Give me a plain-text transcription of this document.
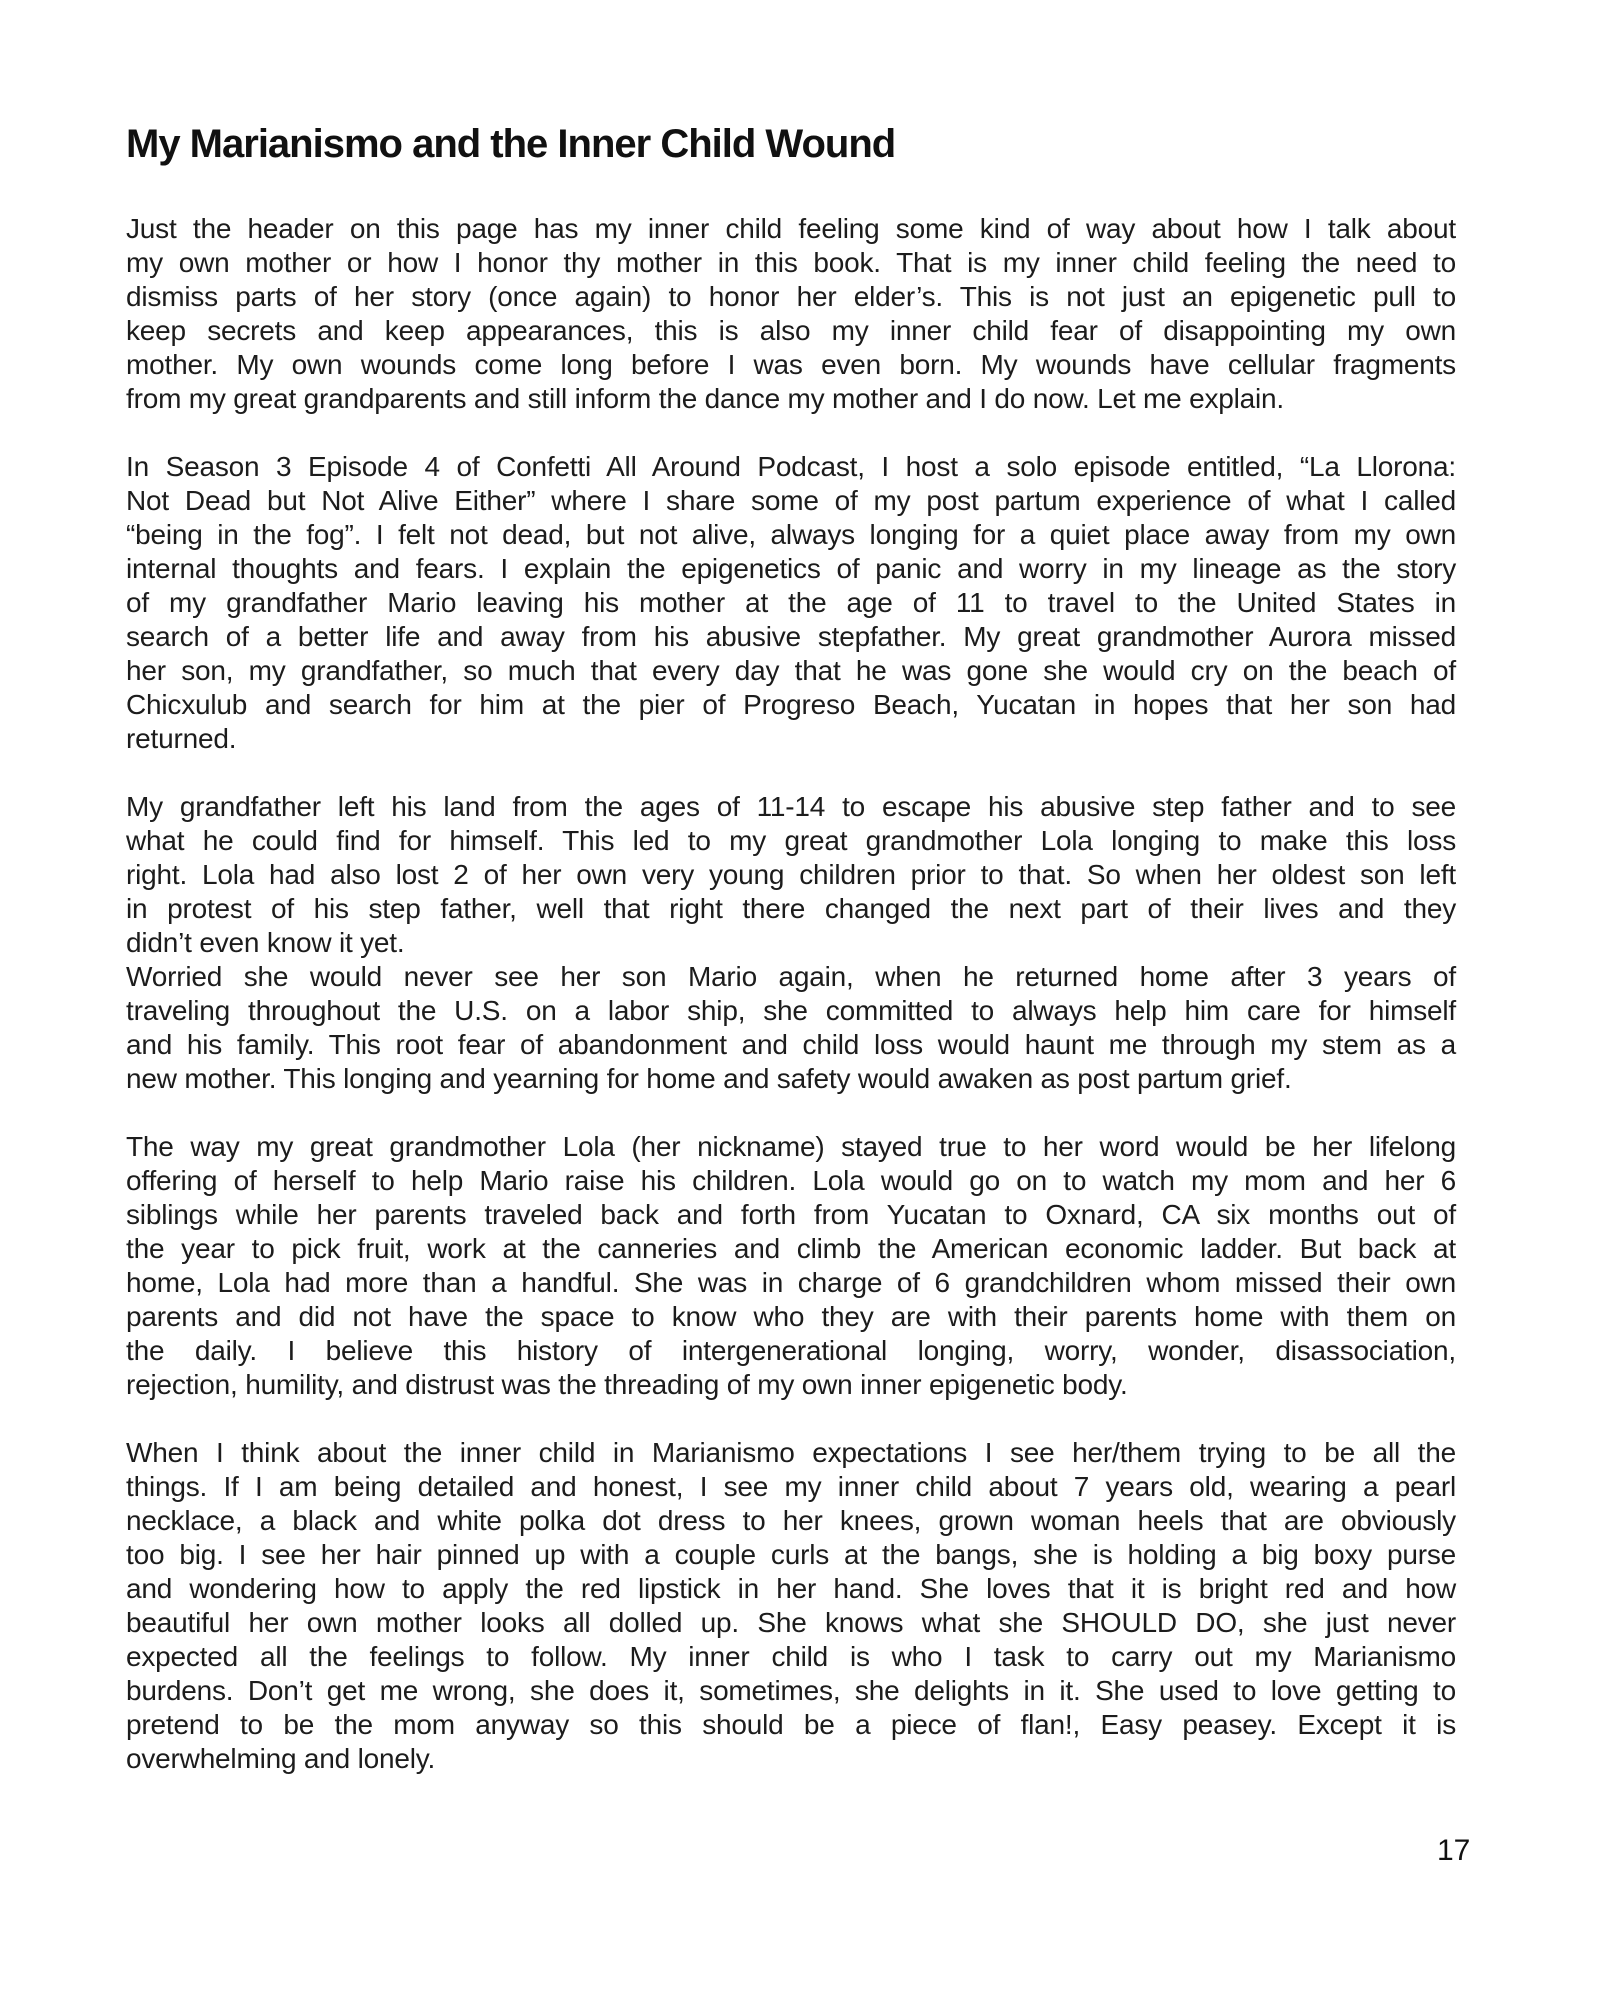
My Marianismo and the Inner Child Wound
Just the header on this page has my inner child feeling some kind of way about how I talk about
my own mother or how I honor thy mother in this book. That is my inner child feeling the need to
dismiss parts of her story (once again) to honor her elder’s. This is not just an epigenetic pull to
keep secrets and keep appearances, this is also my inner child fear of disappointing my own
mother. My own wounds come long before I was even born. My wounds have cellular fragments
from my great grandparents and still inform the dance my mother and I do now. Let me explain.
In Season 3 Episode 4 of Confetti All Around Podcast, I host a solo episode entitled, “La Llorona:
Not Dead but Not Alive Either” where I share some of my post partum experience of what I called
“being in the fog”. I felt not dead, but not alive, always longing for a quiet place away from my own
internal thoughts and fears. I explain the epigenetics of panic and worry in my lineage as the story
of my grandfather Mario leaving his mother at the age of 11 to travel to the United States in
search of a better life and away from his abusive stepfather. My great grandmother Aurora missed
her son, my grandfather, so much that every day that he was gone she would cry on the beach of
Chicxulub and search for him at the pier of Progreso Beach, Yucatan in hopes that her son had
returned.
My grandfather left his land from the ages of 11-14 to escape his abusive step father and to see
what he could find for himself. This led to my great grandmother Lola longing to make this loss
right. Lola had also lost 2 of her own very young children prior to that. So when her oldest son left
in protest of his step father, well that right there changed the next part of their lives and they
didn’t even know it yet.
Worried she would never see her son Mario again, when he returned home after 3 years of
traveling throughout the U.S. on a labor ship, she committed to always help him care for himself
and his family. This root fear of abandonment and child loss would haunt me through my stem as a
new mother. This longing and yearning for home and safety would awaken as post partum grief.
The way my great grandmother Lola (her nickname) stayed true to her word would be her lifelong
offering of herself to help Mario raise his children. Lola would go on to watch my mom and her 6
siblings while her parents traveled back and forth from Yucatan to Oxnard, CA six months out of
the year to pick fruit, work at the canneries and climb the American economic ladder. But back at
home, Lola had more than a handful. She was in charge of 6 grandchildren whom missed their own
parents and did not have the space to know who they are with their parents home with them on
the daily. I believe this history of intergenerational longing, worry, wonder, disassociation,
rejection, humility, and distrust was the threading of my own inner epigenetic body.
When I think about the inner child in Marianismo expectations I see her/them trying to be all the
things. If I am being detailed and honest, I see my inner child about 7 years old, wearing a pearl
necklace, a black and white polka dot dress to her knees, grown woman heels that are obviously
too big. I see her hair pinned up with a couple curls at the bangs, she is holding a big boxy purse
and wondering how to apply the red lipstick in her hand. She loves that it is bright red and how
beautiful her own mother looks all dolled up. She knows what she SHOULD DO, she just never
expected all the feelings to follow. My inner child is who I task to carry out my Marianismo
burdens. Don’t get me wrong, she does it, sometimes, she delights in it. She used to love getting to
pretend to be the mom anyway so this should be a piece of flan!, Easy peasey. Except it is
overwhelming and lonely.
17
